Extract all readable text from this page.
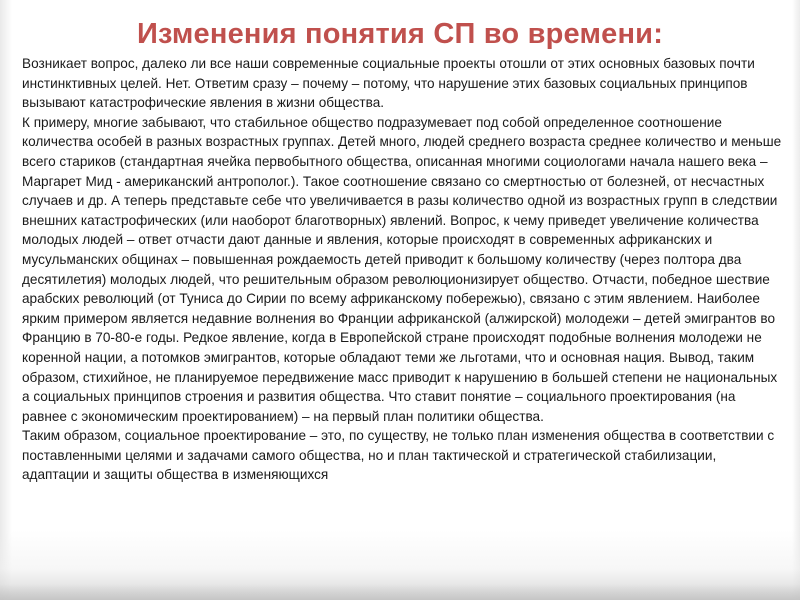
Изменения понятия СП во времени:

Возникает вопрос, далеко ли все наши современные социальные проекты отошли от этих основных базовых почти инстинктивных целей. Нет. Ответим сразу – почему – потому, что нарушение этих базовых социальных принципов вызывают катастрофические явления в жизни общества.

К примеру, многие забывают, что стабильное общество подразумевает под собой определенное соотношение количества особей в разных возрастных группах. Детей много, людей среднего возраста среднее количество и меньше всего стариков (стандартная ячейка первобытного общества, описанная многими социологами начала нашего века – Маргарет Мид - американский антрополог.). Такое соотношение связано со смертностью от болезней, от несчастных случаев и др. А теперь представьте себе что увеличивается в разы количество одной из возрастных групп в следствии внешних катастрофических (или наоборот благотворных) явлений. Вопрос, к чему приведет увеличение количества молодых людей – ответ отчасти дают данные и явления, которые происходят в современных африканских и мусульманских общинах – повышенная рождаемость детей приводит к большому количеству (через полтора два десятилетия) молодых людей, что решительным образом революционизирует общество. Отчасти, победное шествие арабских революций (от Туниса до Сирии по всему африканскому побережью), связано с этим явлением. Наиболее ярким примером является недавние волнения во Франции африканской (алжирской) молодежи – детей эмигрантов во Францию в 70-80-е годы. Редкое явление, когда в Европейской стране происходят подобные волнения молодежи не коренной нации, а потомков эмигрантов, которые обладают теми же льготами, что и основная нация. Вывод, таким образом, стихийное, не планируемое передвижение масс приводит к нарушению в большей степени не национальных а социальных принципов строения и развития общества. Что ставит понятие – социального проектирования (на равнее с экономическим проектированием) – на первый план политики общества.

Таким образом, социальное проектирование – это, по существу, не только план изменения общества в соответствии с поставленными целями и задачами самого общества, но и план тактической и стратегической стабилизации, адаптации и защиты общества в изменяющихся
